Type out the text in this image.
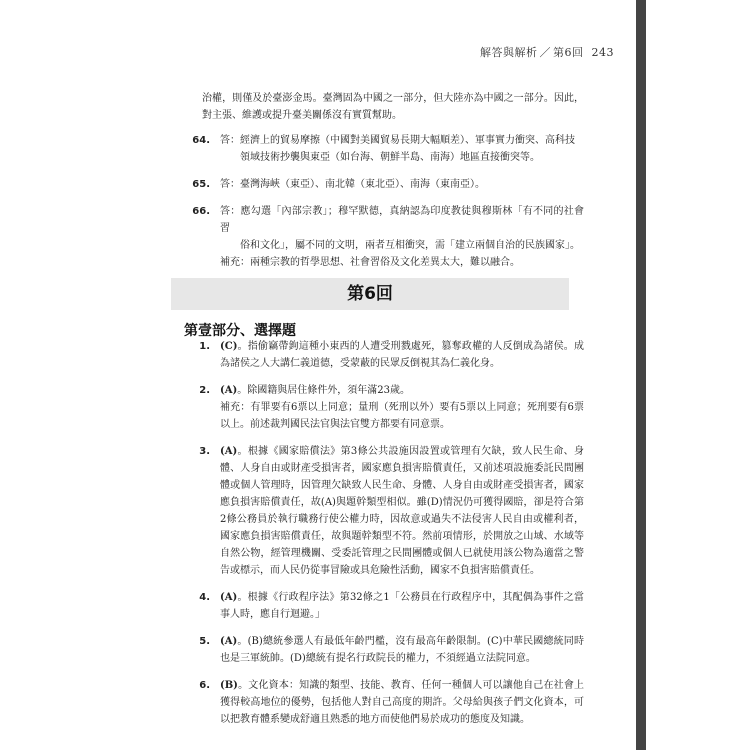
解答與解析 ／ 第6回 243

治權，則僅及於臺澎金馬。臺灣固為中國之一部分，但大陸亦為中國之一部分。因此，對主張、維護或提升臺美關係沒有實質幫助。

64. 答：經濟上的貿易摩擦（中國對美國貿易長期大幅順差）、軍事實力衝突、高科技
領域技術抄襲與東亞（如台海、朝鮮半島、南海）地區直接衝突等。
65. 答：臺灣海峽（東亞）、南北韓（東北亞）、南海（東南亞）。
66. 答：應勾選「內部宗教」；穆罕默德，真納認為印度教徒與穆斯林「有不同的社會習
俗和文化」，屬不同的文明，兩者互相衝突，需「建立兩個自治的民族國家」。
補充：兩種宗教的哲學思想、社會習俗及文化差異太大，難以融合。
第6回
第壹部分、選擇題
1. (C)。指偷竊帶鉤這種小東西的人遭受刑戮處死，篡奪政權的人反倒成為諸侯。成為諸侯之人大講仁義道德，受蒙蔽的民眾反倒視其為仁義化身。
2. (A)。除國籍與居住條件外，須年滿23歲。
補充：有罪要有6票以上同意；量刑（死刑以外）要有5票以上同意；死刑要有6票以上。前述裁判國民法官與法官雙方都要有同意票。
3. (A)。根據《國家賠償法》第3條公共設施因設置或管理有欠缺，致人民生命、身體、人身自由或財產受損害者，國家應負損害賠償責任，又前述項設施委託民間團體或個人管理時，因管理欠缺致人民生命、身體、人身自由或財產受損害者，國家應負損害賠償責任，故(A)與題幹類型相似。雖(D)情況仍可獲得國賠，卻是符合第2條公務員於執行職務行使公權力時，因故意或過失不法侵害人民自由或權利者，國家應負損害賠償責任，故與題幹類型不符。然前項情形，於開放之山域、水域等自然公物，經管理機關、受委託管理之民間團體或個人已就使用該公物為適當之警告或標示，而人民仍從事冒險或具危險性活動，國家不負損害賠償責任。
4. (A)。根據《行政程序法》第32條之1「公務員在行政程序中，其配偶為事件之當事人時，應自行迴避。」
5. (A)。(B)總統參選人有最低年齡門檻，沒有最高年齡限制。(C)中華民國總統同時也是三軍統帥。(D)總統有提名行政院長的權力，不須經過立法院同意。
6. (B)。文化資本：知識的類型、技能、教育、任何一種個人可以讓他自己在社會上獲得較高地位的優勢，包括他人對自己高度的期許。父母給與孩子們文化資本，可以把教育體系變成舒適且熟悉的地方而使他們易於成功的態度及知識。
